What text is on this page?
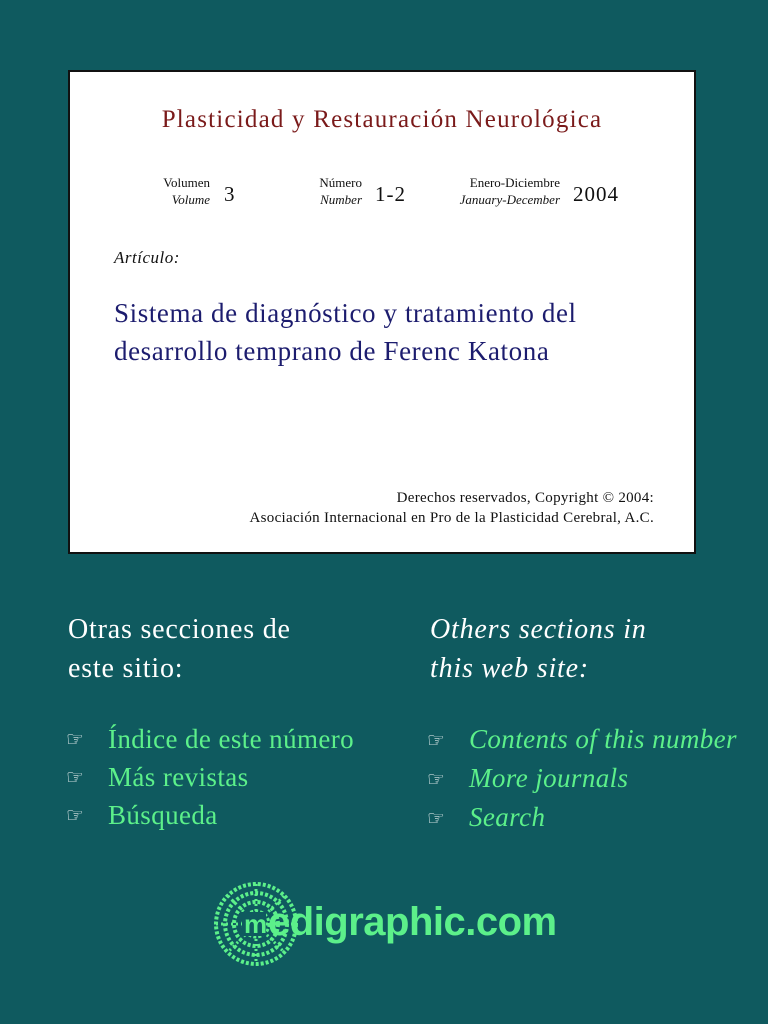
Plasticidad y Restauración Neurológica
Volumen
Volume 3	Número
Number 1-2	Enero-Diciembre
January-December 2004
Artículo:
Sistema de diagnóstico y tratamiento del
desarrollo temprano de Ferenc Katona
Derechos reservados, Copyright © 2004:
Asociación Internacional en Pro de la Plasticidad Cerebral, A.C.
Otras secciones de
este sitio:
Others sections in
this web site:
☞ Índice de este número
☞ Más revistas
☞ Búsqueda
☞ Contents of this number
☞ More journals
☞ Search
m edigraphic.com
